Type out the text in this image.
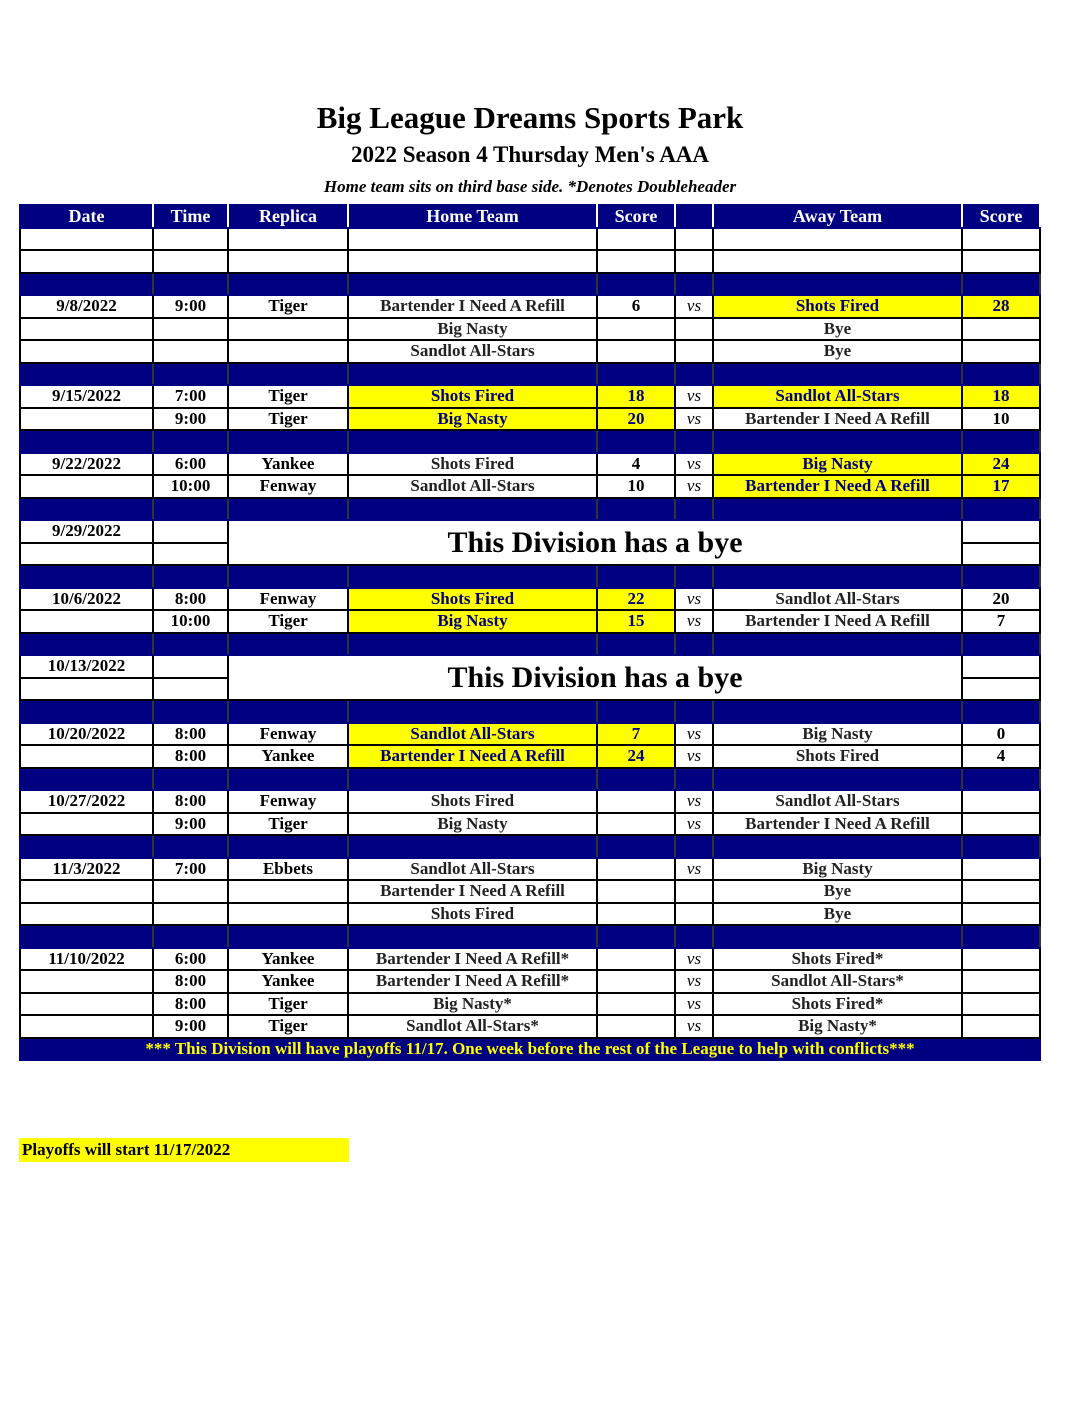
Big League Dreams Sports Park
2022 Season 4 Thursday Men's AAA
Home team sits on third base side. *Denotes Doubleheader
Date	Time	Replica	Home Team	Score		Away Team	Score

9/8/2022	9:00	Tiger	Bartender I Need A Refill	6	vs	Shots Fired	28
			Big Nasty			Bye	
			Sandlot All-Stars			Bye	

9/15/2022	7:00	Tiger	Shots Fired	18	vs	Sandlot All-Stars	18
	9:00	Tiger	Big Nasty	20	vs	Bartender I Need A Refill	10

9/22/2022	6:00	Yankee	Shots Fired	4	vs	Big Nasty	24
	10:00	Fenway	Sandlot All-Stars	10	vs	Bartender I Need A Refill	17

9/29/2022		This Division has a bye					

10/6/2022	8:00	Fenway	Shots Fired	22	vs	Sandlot All-Stars	20
	10:00	Tiger	Big Nasty	15	vs	Bartender I Need A Refill	7

10/13/2022		This Division has a bye					

10/20/2022	8:00	Fenway	Sandlot All-Stars	7	vs	Big Nasty	0
	8:00	Yankee	Bartender I Need A Refill	24	vs	Shots Fired	4

10/27/2022	8:00	Fenway	Shots Fired		vs	Sandlot All-Stars	
	9:00	Tiger	Big Nasty		vs	Bartender I Need A Refill	

11/3/2022	7:00	Ebbets	Sandlot All-Stars		vs	Big Nasty	
			Bartender I Need A Refill			Bye	
			Shots Fired			Bye	

11/10/2022	6:00	Yankee	Bartender I Need A Refill*		vs	Shots Fired*	
	8:00	Yankee	Bartender I Need A Refill*		vs	Sandlot All-Stars*	
	8:00	Tiger	Big Nasty*		vs	Shots Fired*	
	9:00	Tiger	Sandlot All-Stars*		vs	Big Nasty*	
*** This Division will have playoffs 11/17. One week before the rest of the League to help with conflicts***							
Playoffs will start 11/17/2022
